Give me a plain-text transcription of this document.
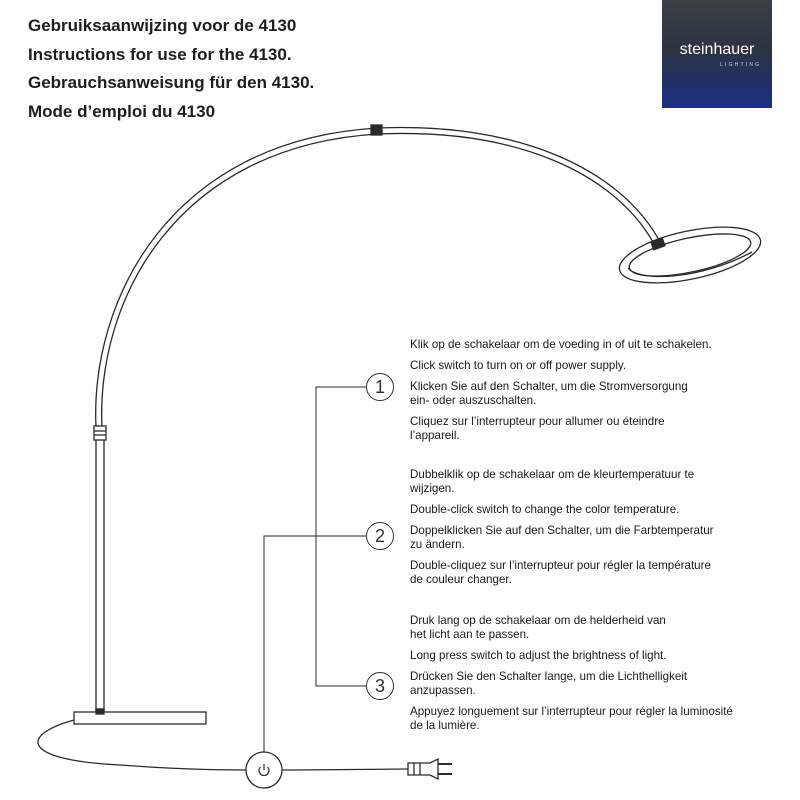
Gebruiksaanwijzing voor de 4130
Instructions for use for the 4130.
Gebrauchsanweisung für den 4130.
Mode d’emploi du 4130
steinhauer
LIGHTING
1
2
3

Klik op de schakelaar om de voeding in of uit te schakelen.

Click switch to turn on or off power supply.

Klicken Sie auf den Schalter, um die Stromversorgung
ein- oder auszuschalten.

Cliquez sur l’interrupteur pour allumer ou éteindre
l’appareil.

Dubbelklik op de schakelaar om de kleurtemperatuur te
wijzigen.

Double-click switch to change the color temperature.

Doppelklicken Sie auf den Schalter, um die Farbtemperatur
zu ändern.

Double-cliquez sur l’interrupteur pour régler la température
de couleur changer.

Druk lang op de schakelaar om de helderheid van
het licht aan te passen.

Long press switch to adjust the brightness of light.

Drücken Sie den Schalter lange, um die Lichthelligkeit
anzupassen.

Appuyez longuement sur l’interrupteur pour régler la luminosité
de la lumière.
